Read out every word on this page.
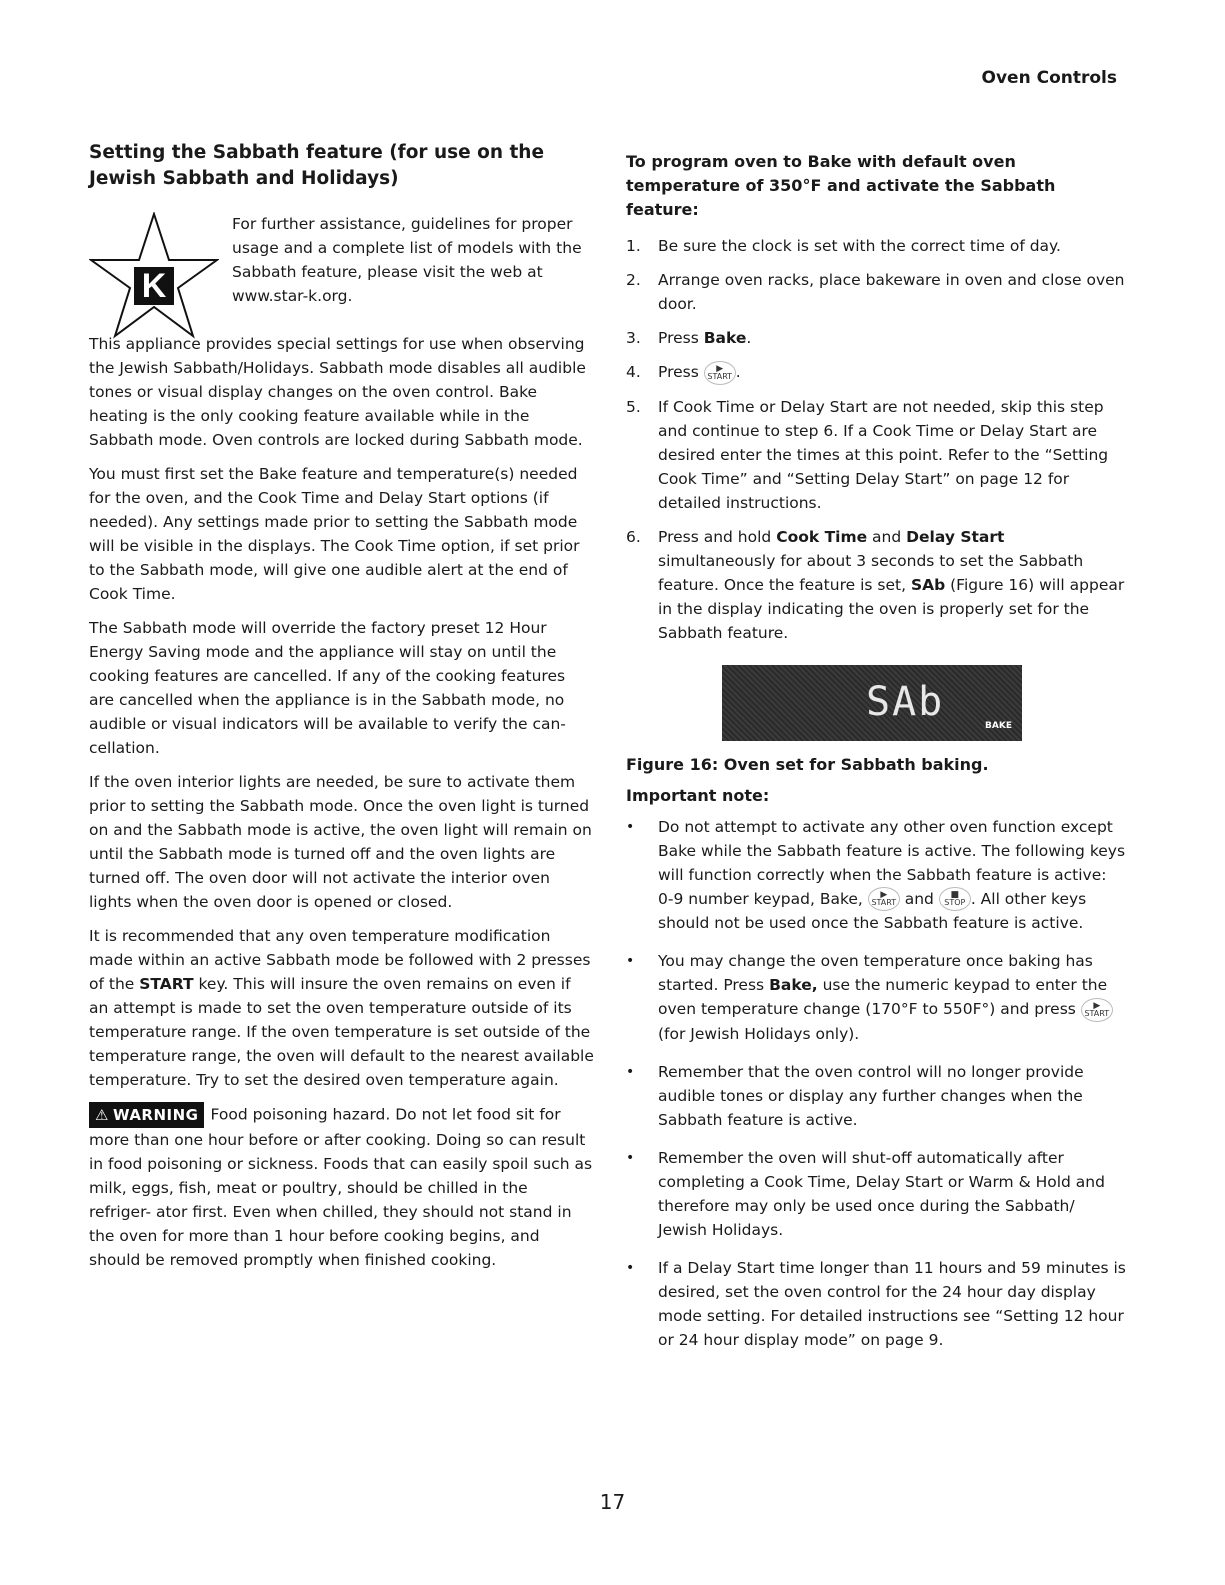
Oven Controls
Setting the Sabbath feature (for use on the Jewish Sabbath and Holidays)
K

For further assistance, guidelines for proper usage and a complete list of models with the Sabbath feature, please visit the web at www.star-k.org.

This appliance provides special settings for use when observing the Jewish Sabbath/Holidays. Sabbath mode disables all audible tones or visual display changes on the oven control. Bake heating is the only cooking feature available while in the Sabbath mode. Oven controls are locked during Sabbath mode.

You must first set the Bake feature and temperature(s) needed for the oven, and the Cook Time and Delay Start options (if needed). Any settings made prior to setting the Sabbath mode will be visible in the displays. The Cook Time option, if set prior to the Sabbath mode, will give one audible alert at the end of Cook Time.

The Sabbath mode will override the factory preset 12 Hour Energy Saving mode and the appliance will stay on until the cooking features are cancelled. If any of the cooking features are cancelled when the appliance is in the Sabbath mode, no audible or visual indicators will be available to verify the can- cellation.

If the oven interior lights are needed, be sure to activate them prior to setting the Sabbath mode. Once the oven light is turned on and the Sabbath mode is active, the oven light will remain on until the Sabbath mode is turned off and the oven lights are turned off. The oven door will not activate the interior oven lights when the oven door is opened or closed.

It is recommended that any oven temperature modification made within an active Sabbath mode be followed with 2 presses of the START key. This will insure the oven remains on even if an attempt is made to set the oven temperature outside of its temperature range. If the oven temperature is set outside of the temperature range, the oven will default to the nearest available temperature. Try to set the desired oven temperature again.

⚠ WARNING Food poisoning hazard. Do not let food sit for more than one hour before or after cooking. Doing so can result in food poisoning or sickness. Foods that can easily spoil such as milk, eggs, fish, meat or poultry, should be chilled in the refriger- ator first. Even when chilled, they should not stand in the oven for more than 1 hour before cooking begins, and should be removed promptly when finished cooking.

To program oven to Bake with default oven temperature of 350°F and activate the Sabbath feature:
1. Be sure the clock is set with the correct time of day.
2. Arrange oven racks, place bakeware in oven and close oven door.
3. Press Bake.
4. Press ▶
START .
5. If Cook Time or Delay Start are not needed, skip this step and continue to step 6. If a Cook Time or Delay Start are desired enter the times at this point. Refer to the “Setting Cook Time” and “Setting Delay Start” on page 12 for detailed instructions.
6. Press and hold Cook Time and Delay Start simultaneously for about 3 seconds to set the Sabbath feature. Once the feature is set, SAb (Figure 16) will appear in the display indicating the oven is properly set for the Sabbath feature.
SAb
BAKE
Figure 16: Oven set for Sabbath baking.
Important note:
• Do not attempt to activate any other oven function except Bake while the Sabbath feature is active. The following keys will function correctly when the Sabbath feature is active: 0-9 number keypad, Bake, ▶
START and ■
STOP . All other keys should not be used once the Sabbath feature is active.
• You may change the oven temperature once baking has started. Press Bake, use the numeric keypad to enter the oven temperature change (170°F to 550F°) and press ▶
START
(for Jewish Holidays only).
• Remember that the oven control will no longer provide audible tones or display any further changes when the Sabbath feature is active.
• Remember the oven will shut-off automatically after completing a Cook Time, Delay Start or Warm & Hold and therefore may only be used once during the Sabbath/ Jewish Holidays.
• If a Delay Start time longer than 11 hours and 59 minutes is desired, set the oven control for the 24 hour day display mode setting. For detailed instructions see “Setting 12 hour or 24 hour display mode” on page 9.
17
